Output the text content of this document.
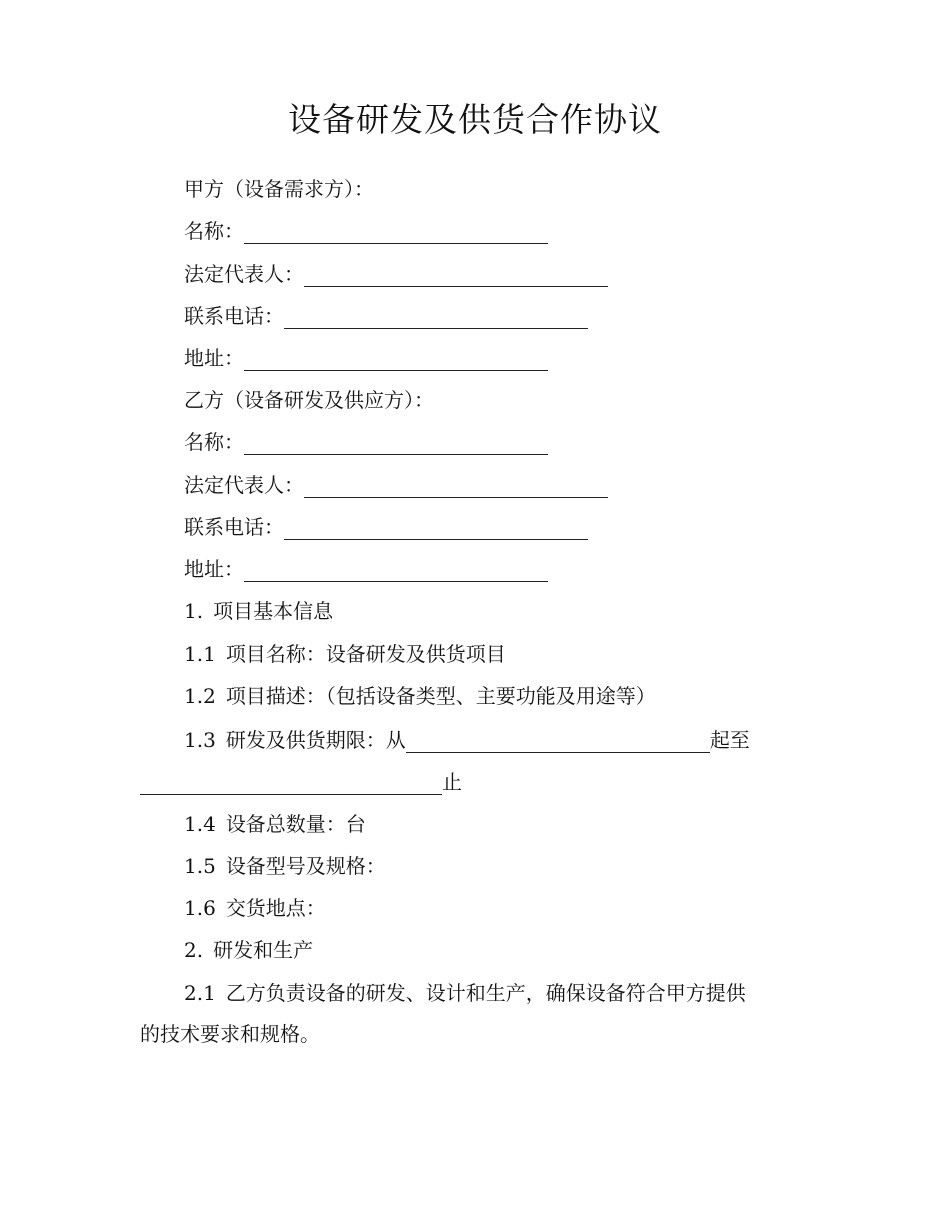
设备研发及供货合作协议
甲方（设备需求方）：
名称：
法定代表人：
联系电话：
地址：
乙方（设备研发及供应方）：
名称：
法定代表人：
联系电话：
地址：
1. 项目基本信息
1.1 项目名称：设备研发及供货项目
1.2 项目描述：（包括设备类型、主要功能及用途等）
1.3 研发及供货期限：从	起至
止
1.4 设备总数量：台
1.5 设备型号及规格：
1.6 交货地点：
2. 研发和生产
2.1 乙方负责设备的研发、设计和生产，确保设备符合甲方提供
的技术要求和规格。
